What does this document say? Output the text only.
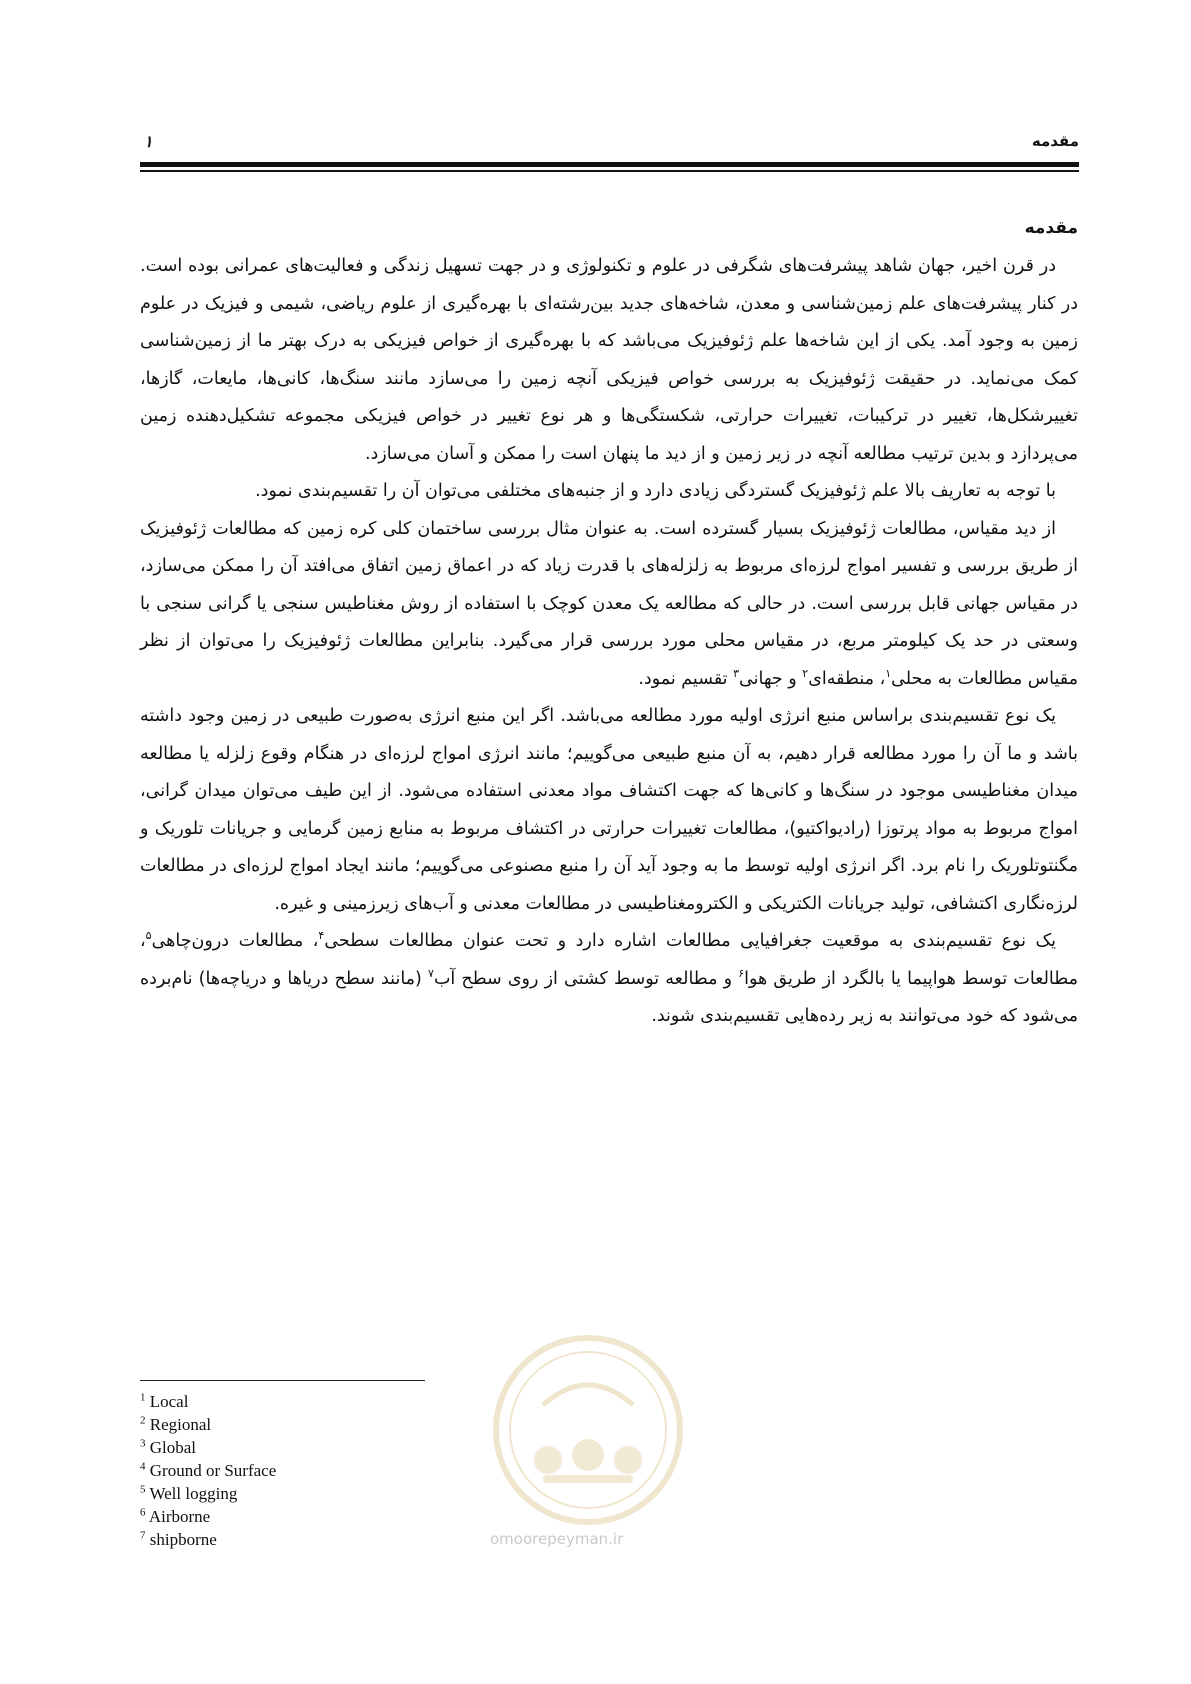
مقدمه
۱
مقدمه

در قرن اخیر، جهان شاهد پیشرفت‌های شگرفی در علوم و تکنولوژی و در جهت تسهیل زندگی و فعالیت‌های عمرانی بوده است. در کنار پیشرفت‌های علم زمین‌شناسی و معدن، شاخه‌های جدید بین‌رشته‌ای با بهره‌گیری از علوم ریاضی، شیمی و فیزیک در علوم زمین به وجود آمد. یکی از این شاخه‌ها علم ژئوفیزیک می‌باشد که با بهره‌گیری از خواص فیزیکی به درک بهتر ما از زمین‌شناسی کمک می‌نماید. در حقیقت ژئوفیزیک به بررسی خواص فیزیکی آنچه زمین را می‌سازد مانند سنگ‌ها، کانی‌ها، مایعات، گازها، تغییرشکل‌ها، تغییر در ترکیبات، تغییرات حرارتی، شکستگی‌ها و هر نوع تغییر در خواص فیزیکی مجموعه تشکیل‌دهنده زمین می‌پردازد و بدین ترتیب مطالعه آنچه در زیر زمین و از دید ما پنهان است را ممکن و آسان می‌سازد.

با توجه به تعاریف بالا علم ژئوفیزیک گستردگی زیادی دارد و از جنبه‌های مختلفی می‌توان آن را تقسیم‌بندی نمود.

از دید مقیاس، مطالعات ژئوفیزیک بسیار گسترده است. به عنوان مثال بررسی ساختمان کلی کره زمین که مطالعات ژئوفیزیک از طریق بررسی و تفسیر امواج لرزه‌ای مربوط به زلزله‌های با قدرت زیاد که در اعماق زمین اتفاق می‌افتد آن را ممکن می‌سازد، در مقیاس جهانی قابل بررسی است. در حالی که مطالعه یک معدن کوچک با استفاده از روش مغناطیس سنجی یا گرانی سنجی با وسعتی در حد یک کیلومتر مربع، در مقیاس محلی مورد بررسی قرار می‌گیرد. بنابراین مطالعات ژئوفیزیک را می‌توان از نظر مقیاس مطالعات به محلی$^۱$، منطقه‌ای$^۲$ و جهانی$^۳$ تقسیم نمود.

یک نوع تقسیم‌بندی براساس منبع انرژی اولیه مورد مطالعه می‌باشد. اگر این منبع انرژی به‌صورت طبیعی در زمین وجود داشته باشد و ما آن را مورد مطالعه قرار دهیم، به آن منبع طبیعی می‌گوییم؛ مانند انرژی امواج لرزه‌ای در هنگام وقوع زلزله یا مطالعه میدان مغناطیسی موجود در سنگ‌ها و کانی‌ها که جهت اکتشاف مواد معدنی استفاده می‌شود. از این طیف می‌توان میدان گرانی، امواج مربوط به مواد پرتوزا (رادیواکتیو)، مطالعات تغییرات حرارتی در اکتشاف مربوط به منابع زمین گرمایی و جریانات تلوریک و مگنتوتلوریک را نام برد. اگر انرژی اولیه توسط ما به وجود آید آن را منبع مصنوعی می‌گوییم؛ مانند ایجاد امواج لرزه‌ای در مطالعات لرزه‌نگاری اکتشافی، تولید جریانات الکتریکی و الکترومغناطیسی در مطالعات معدنی و آب‌های زیرزمینی و غیره.

یک نوع تقسیم‌بندی به موقعیت جغرافیایی مطالعات اشاره دارد و تحت عنوان مطالعات سطحی$^۴$، مطالعات درون‌چاهی$^۵$، مطالعات توسط هواپیما یا بالگرد از طریق هوا$^۶$ و مطالعه توسط کشتی از روی سطح آب$^۷$ (مانند سطح دریاها و دریاچه‌ها) نام‌برده می‌شود که خود می‌توانند به زیر رده‌هایی تقسیم‌بندی شوند.

$^1$ Local
$^2$ Regional
$^3$ Global
$^4$ Ground or Surface
$^5$ Well logging
$^6$ Airborne
$^7$ shipborne	omoorepeyman.ir
